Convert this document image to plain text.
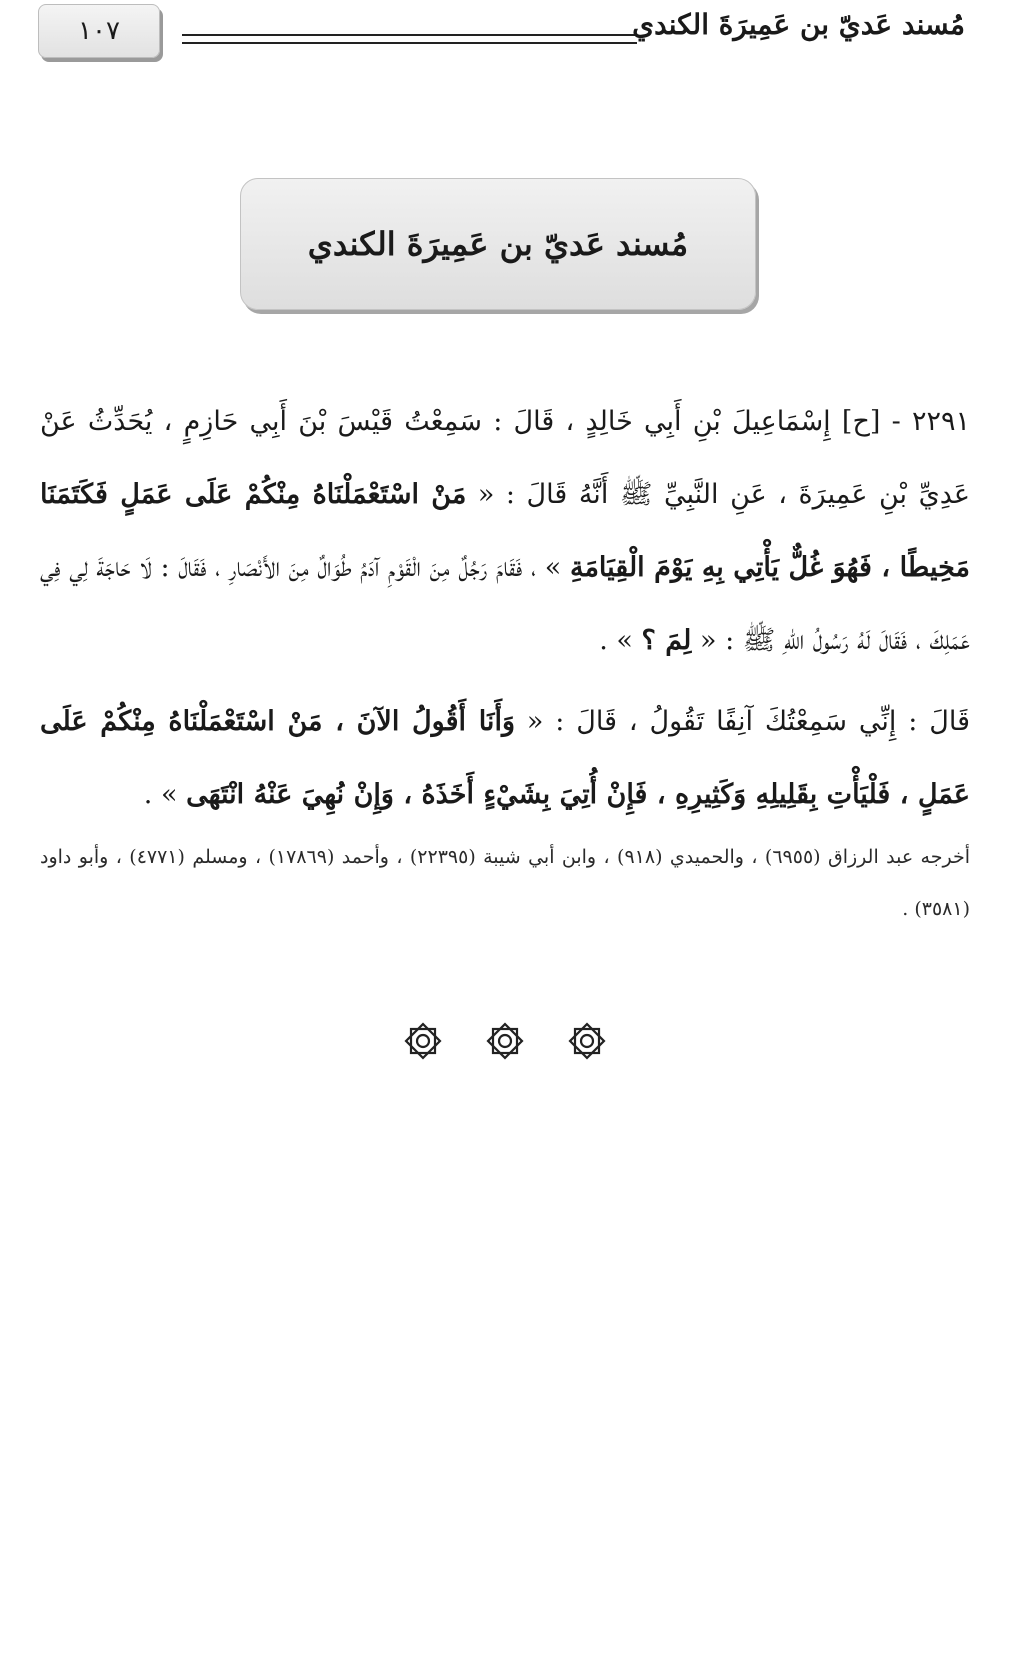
١٠٧	مُسند عَديّ بن عَمِيرَةَ الكندي
مُسند عَديّ بن عَمِيرَةَ الكندي

٢٢٩١ - [ح] إِسْمَاعِيلَ بْنِ أَبِي خَالِدٍ ، قَالَ : سَمِعْتُ قَيْسَ بْنَ أَبِي حَازِمٍ ، يُحَدِّثُ عَنْ عَدِيِّ بْنِ عَمِيرَةَ ، عَنِ النَّبِيِّ ﷺ أَنَّهُ قَالَ : « مَنْ اسْتَعْمَلْنَاهُ مِنْكُمْ عَلَى عَمَلٍ فَكَتَمَنَا مَخِيطًا ، فَهُوَ غُلٌّ يَأْتِي بِهِ يَوْمَ الْقِيَامَةِ » ، فَقَامَ رَجُلٌ مِنَ الْقَوْمِ آدَمُ طُوَالٌ مِنَ الأَنْصَارِ ، فَقَالَ : لَا حَاجَةَ لِي فِي عَمَلِكَ ، فَقَالَ لَهُ رَسُولُ اللهِ ﷺ : « لِمَ ؟ » .

قَالَ : إِنِّي سَمِعْتُكَ آنِفًا تَقُولُ ، قَالَ : « وَأَنَا أَقُولُ الآنَ ، مَنْ اسْتَعْمَلْنَاهُ مِنْكُمْ عَلَى عَمَلٍ ، فَلْيَأْتِ بِقَلِيلِهِ وَكَثِيرِهِ ، فَإِنْ أُتِيَ بِشَيْءٍ أَخَذَهُ ، وَإِنْ نُهِيَ عَنْهُ انْتَهَى » .

أخرجه عبد الرزاق (٦٩٥٥) ، والحميدي (٩١٨) ، وابن أبي شيبة (٢٢٣٩٥) ، وأحمد (١٧٨٦٩) ، ومسلم (٤٧٧١) ، وأبو داود (٣٥٨١) .
